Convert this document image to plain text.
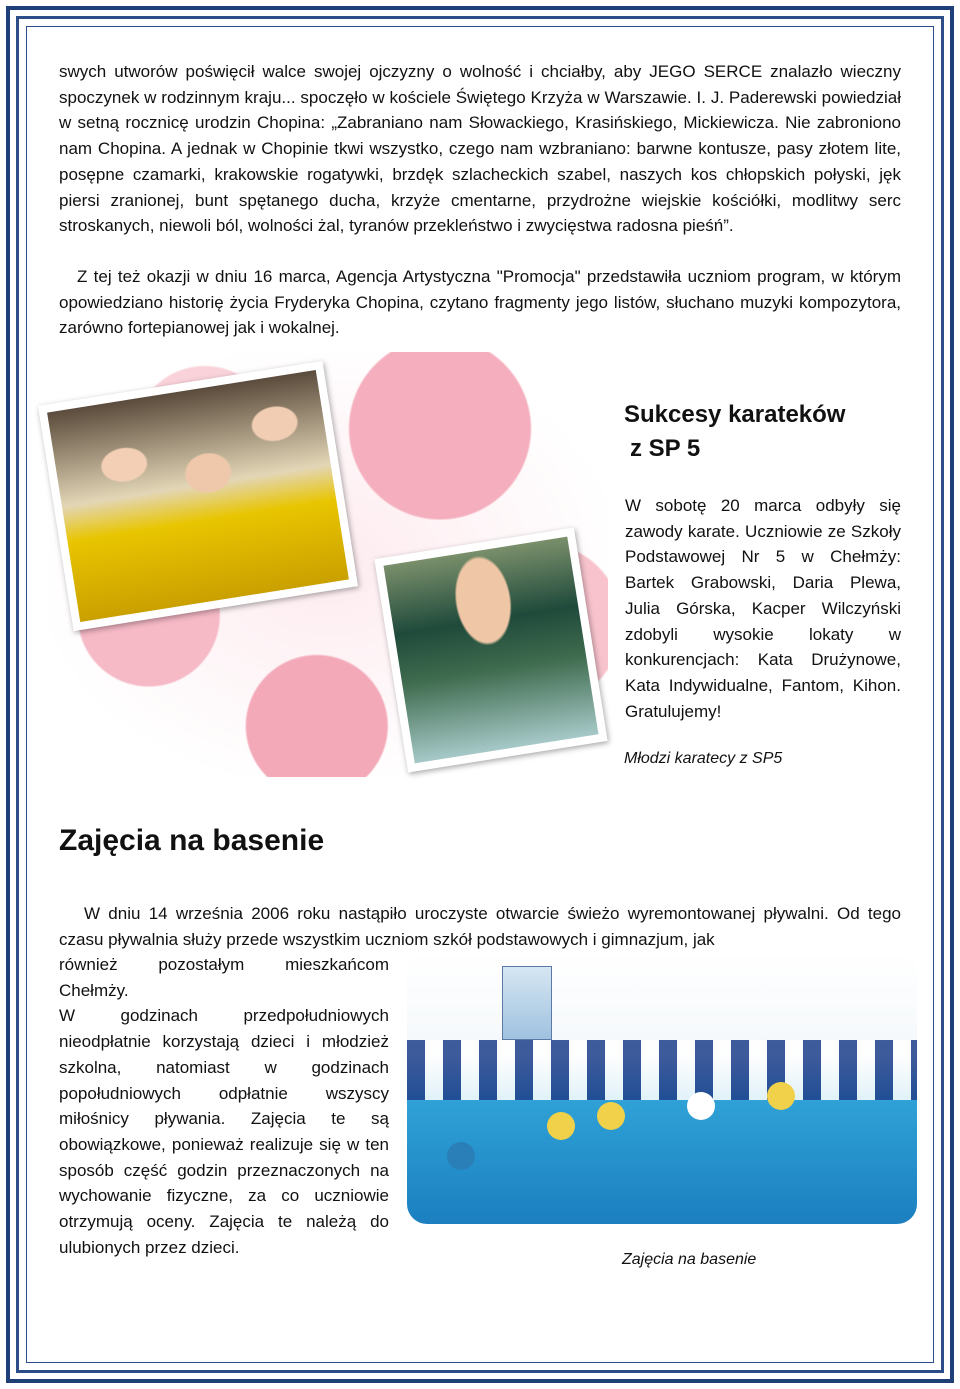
swych utworów poświęcił walce swojej ojczyzny o wolność i chciałby, aby JEGO SERCE znalazło wieczny spoczynek w rodzinnym kraju... spoczęło w kościele Świętego Krzyża w Warszawie. I. J. Paderewski powiedział w setną rocznicę urodzin Chopina: „Zabraniano nam Słowackiego, Krasińskiego, Mickiewicza. Nie zabroniono nam Chopina. A jednak w Chopinie tkwi wszystko, czego nam wzbraniano: barwne kontusze, pasy złotem lite, posępne czamarki, krakowskie rogatywki, brzdęk szlacheckich szabel, naszych kos chłopskich połyski, jęk piersi zranionej, bunt spętanego ducha, krzyże cmentarne, przydrożne wiejskie kościółki, modlitwy serc stroskanych, niewoli ból, wolności żal, tyranów przekleństwo i zwycięstwa radosna pieśń”.

Z tej też okazji w dniu 16 marca, Agencja Artystyczna "Promocja" przedstawiła uczniom program, w którym opowiedziano historię życia Fryderyka Chopina, czytano fragmenty jego listów, słuchano muzyki kompozytora, zarówno fortepianowej jak i wokalnej.

Sukcesy karateków
z SP 5

W sobotę 20 marca odbyły się zawody karate. Uczniowie ze Szkoły Podstawowej Nr 5 w Chełmży: Bartek Grabowski, Daria Plewa, Julia Górska, Kacper Wilczyński zdobyli wysokie lokaty w konkurencjach: Kata Drużynowe, Kata Indywidualne, Fantom, Kihon. Gratulujemy!

Młodzi karatecy z SP5

Zajęcia na basenie

W dniu 14 września 2006 roku nastąpiło uroczyste otwarcie świeżo wyremontowanej pływalni. Od tego czasu pływalnia służy przede wszystkim uczniom szkół podstawowych i gimnazjum, jak

również pozostałym mieszkańcom Chełmży.
W godzinach przedpołudniowych nieodpłatnie korzystają dzieci i młodzież szkolna, natomiast w godzinach popołudniowych odpłatnie wszyscy miłośnicy pływania. Zajęcia te są obowiązkowe, ponieważ realizuje się w ten sposób część godzin przeznaczonych na wychowanie fizyczne, za co uczniowie otrzymują oceny. Zajęcia te należą do ulubionych przez dzieci.

Zajęcia na basenie
